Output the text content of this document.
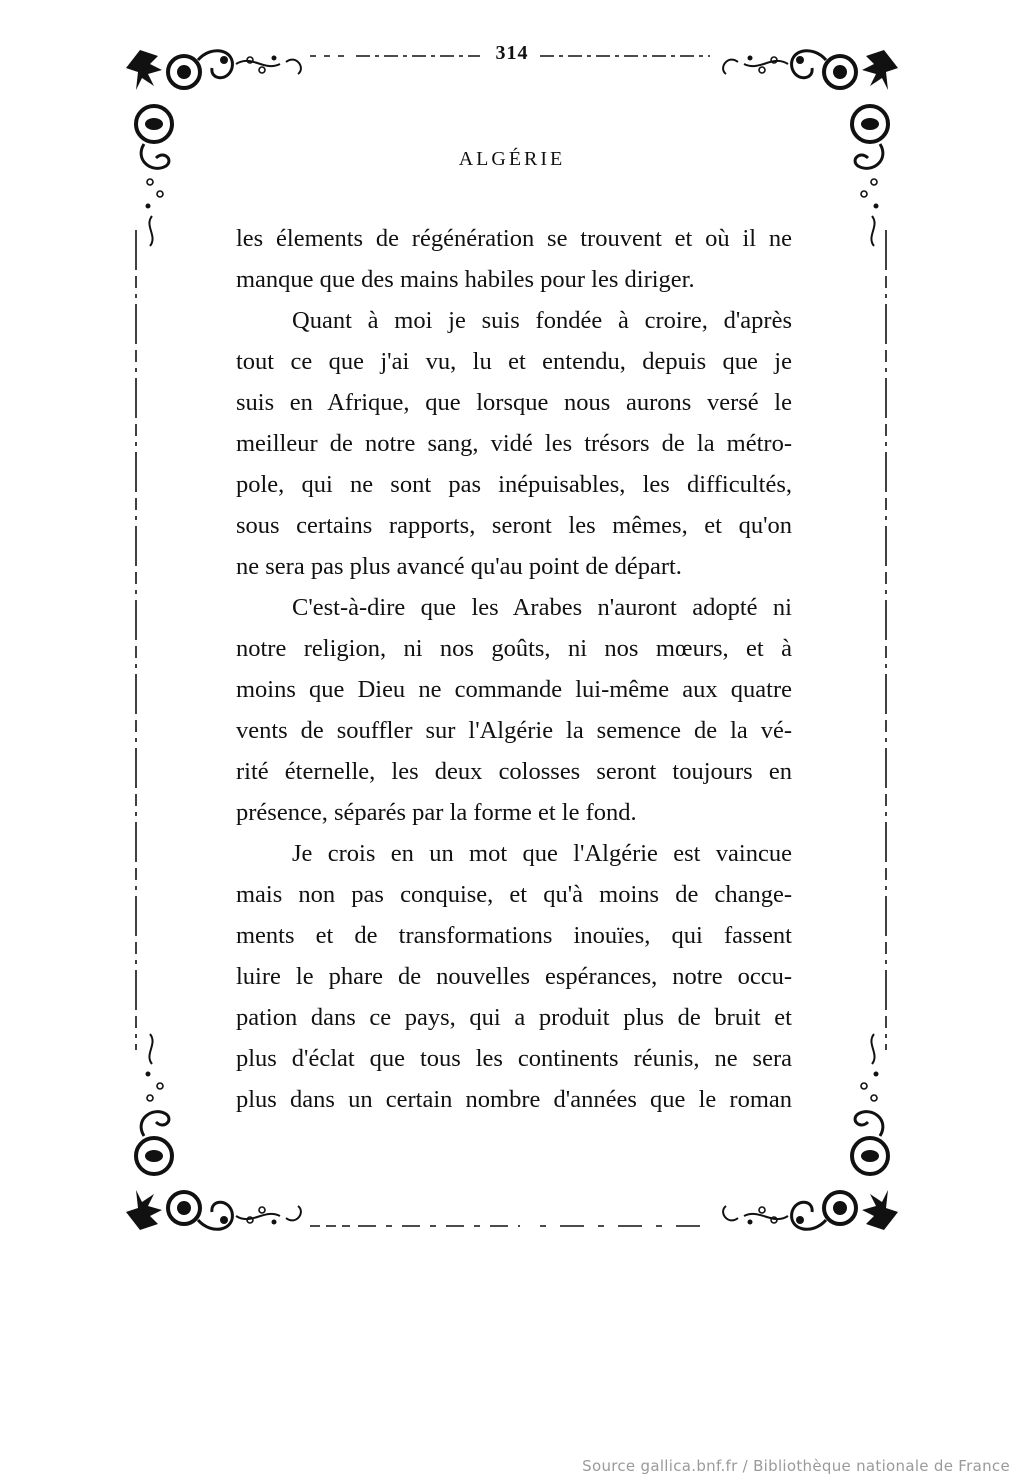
314
ALGÉRIE

les élements de régénération se trouvent et où il ne
manque que des mains habiles pour les diriger.

Quant à moi je suis fondée à croire, d'après
tout ce que j'ai vu, lu et entendu, depuis que je
suis en Afrique, que lorsque nous aurons versé le
meilleur de notre sang, vidé les trésors de la métro-
pole, qui ne sont pas inépuisables, les difficultés,
sous certains rapports, seront les mêmes, et qu'on
ne sera pas plus avancé qu'au point de départ.

C'est-à-dire que les Arabes n'auront adopté ni
notre religion, ni nos goûts, ni nos mœurs, et à
moins que Dieu ne commande lui-même aux quatre
vents de souffler sur l'Algérie la semence de la vé-
rité éternelle, les deux colosses seront toujours en
présence, séparés par la forme et le fond.

Je crois en un mot que l'Algérie est vaincue
mais non pas conquise, et qu'à moins de change-
ments et de transformations inouïes, qui fassent
luire le phare de nouvelles espérances, notre occu-
pation dans ce pays, qui a produit plus de bruit et
plus d'éclat que tous les continents réunis, ne sera
plus dans un certain nombre d'années que le roman

Source gallica.bnf.fr / Bibliothèque nationale de France
